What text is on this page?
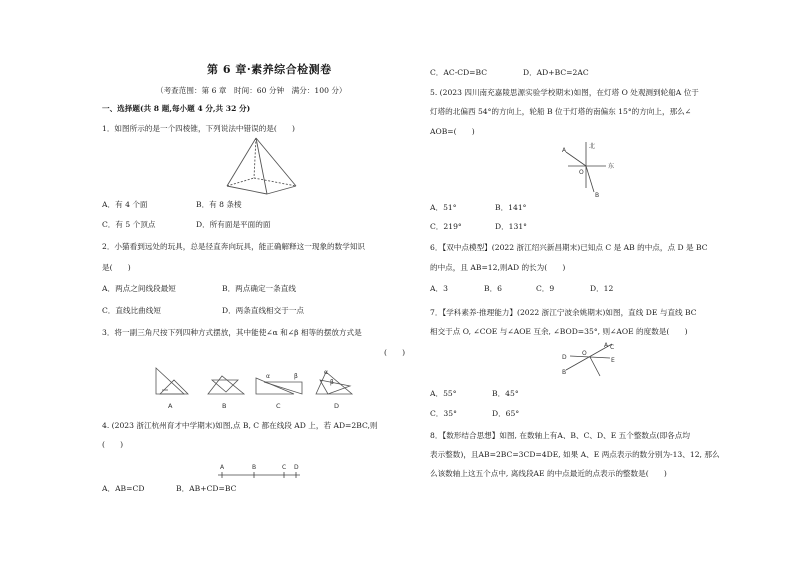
第 6 章·素养综合检测卷
（考查范围：第 6 章　时间：60 分钟　满分：100 分）
一、选择题(共 8 题,每小题 4 分,共 32 分)
1．如图所示的是一个四棱锥，下列说法中错误的是(　　)
A．有 4 个面	B．有 8 条棱
C．有 5 个顶点	D．所有面是平面的面
2．小猫看到远处的玩具，总是径直奔向玩具，能正确解释这一现象的数学知识
是(　　)
A．两点之间线段最短	B．两点确定一条直线
C．直线比曲线短	D．两条直线相交于一点
3．将一副三角尺按下列四种方式摆放，其中能使∠α 和∠β 相等的摆放方式是
(　　)
α	β
α
β
A	B	C	D
4. (2023 浙江杭州育才中学期末)如图,点 B, C 都在线段 AD 上，若 AD=2BC,则
(　　)
A	B	C D
A．AB=CD	B．AB+CD=BC
C．AC-CD=BC	D．AD+BC=2AC
5. (2023 四川南充嘉陵思源实验学校期末)如图，在灯塔 O 处观测到轮船A 位于
灯塔的北偏西 54°的方向上，轮船 B 位于灯塔的南偏东 15°的方向上，那么∠
AOB=(　　)
北
东
A
O
B
A．51°	B．141°
C．219°	D．131°
6．【双中点模型】(2022 浙江绍兴新昌期末)已知点 C 是 AB 的中点，点 D 是 BC
的中点，且 AB=12,则AD 的长为(　　)
A．3	B．6	C．9	D．12
7．【学科素养·推理能力】(2022 浙江宁波余姚期末)如图，直线 DE 与直线 BC
相交于点 O, ∠COE 与∠AOE 互余, ∠BOD=35°, 则∠AOE 的度数是(　　)
A C
D
O
E
B
A．55°	B．45°
C．35°	D．65°
8．【数形结合思想】如图, 在数轴上有A、B、C、D、E 五个整数点(即各点均
表示整数)，且AB=2BC=3CD=4DE, 如果 A、E 两点表示的数分别为-13、12, 那么
么该数轴上这五个点中, 离线段AE 的中点最近的点表示的整数是(　　)
